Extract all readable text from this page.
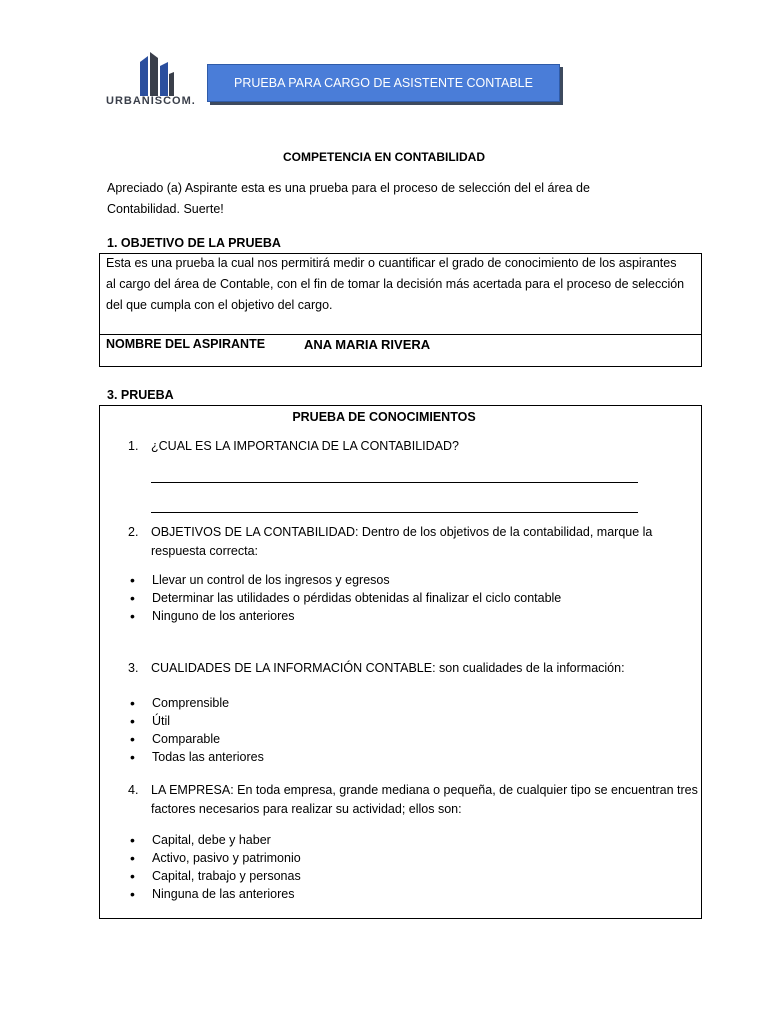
URBANISCOM.
PRUEBA PARA CARGO DE ASISTENTE CONTABLE
COMPETENCIA EN CONTABILIDAD
Apreciado (a) Aspirante esta es una prueba para el proceso de selección del el área de
Contabilidad. Suerte!
1. OBJETIVO DE LA PRUEBA
Esta es una prueba la cual nos permitirá medir o cuantificar el grado de conocimiento de los aspirantes
al cargo del área de Contable, con el fin de tomar la decisión más acertada para el proceso de selección
del que cumpla con el objetivo del cargo.
NOMBRE DEL ASPIRANTE	ANA MARIA RIVERA
3. PRUEBA
PRUEBA DE CONOCIMIENTOS
1. ¿CUAL ES LA IMPORTANCIA DE LA CONTABILIDAD?
2. OBJETIVOS DE LA CONTABILIDAD: Dentro de los objetivos de la contabilidad, marque la
respuesta correcta:
• Llevar un control de los ingresos y egresos
• Determinar las utilidades o pérdidas obtenidas al finalizar el ciclo contable
• Ninguno de los anteriores
3. CUALIDADES DE LA INFORMACIÓN CONTABLE: son cualidades de la información:
• Comprensible
• Útil
• Comparable
• Todas las anteriores
4. LA EMPRESA: En toda empresa, grande mediana o pequeña, de cualquier tipo se encuentran tres
factores necesarios para realizar su actividad; ellos son:
• Capital, debe y haber
• Activo, pasivo y patrimonio
• Capital, trabajo y personas
• Ninguna de las anteriores
